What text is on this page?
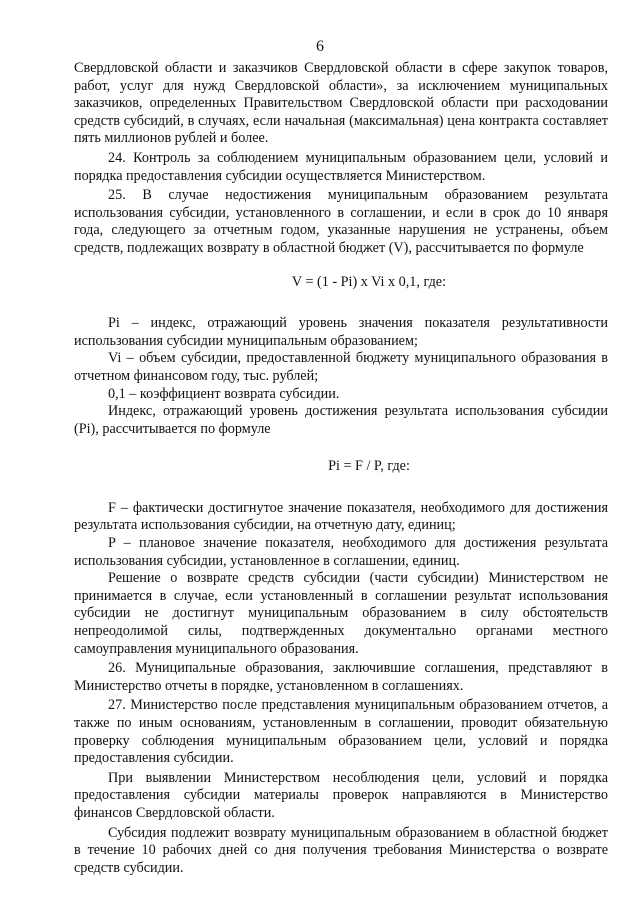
6

Свердловской области и заказчиков Свердловской области в сфере закупок товаров, работ, услуг для нужд Свердловской области», за исключением муниципальных заказчиков, определенных Правительством Свердловской области при расходовании средств субсидий, в случаях, если начальная (максимальная) цена контракта составляет пять миллионов рублей и более.

24. Контроль за соблюдением муниципальным образованием цели, условий и порядка предоставления субсидии осуществляется Министерством.

25. В случае недостижения муниципальным образованием результата использования субсидии, установленного в соглашении, и если в срок до 10 января года, следующего за отчетным годом, указанные нарушения не устранены, объем средств, подлежащих возврату в областной бюджет (V), рассчитывается по формуле

V = (1 - Pi) x Vi x 0,1, где:

Pi – индекс, отражающий уровень значения показателя результативности использования субсидии муниципальным образованием;

Vi – объем субсидии, предоставленной бюджету муниципального образования в отчетном финансовом году, тыс. рублей;

0,1 – коэффициент возврата субсидии.

Индекс, отражающий уровень достижения результата использования субсидии (Pi), рассчитывается по формуле

Pi = F / P, где:

F – фактически достигнутое значение показателя, необходимого для достижения результата использования субсидии, на отчетную дату, единиц;

P – плановое значение показателя, необходимого для достижения результата использования субсидии, установленное в соглашении, единиц.

Решение о возврате средств субсидии (части субсидии) Министерством не принимается в случае, если установленный в соглашении результат использования субсидии не достигнут муниципальным образованием в силу обстоятельств непреодолимой силы, подтвержденных документально органами местного самоуправления муниципального образования.

26. Муниципальные образования, заключившие соглашения, представляют в Министерство отчеты в порядке, установленном в соглашениях.

27. Министерство после представления муниципальным образованием отчетов, а также по иным основаниям, установленным в соглашении, проводит обязательную проверку соблюдения муниципальным образованием цели, условий и порядка предоставления субсидии.

При выявлении Министерством несоблюдения цели, условий и порядка предоставления субсидии материалы проверок направляются в Министерство финансов Свердловской области.

Субсидия подлежит возврату муниципальным образованием в областной бюджет в течение 10 рабочих дней со дня получения требования Министерства о возврате средств субсидии.
